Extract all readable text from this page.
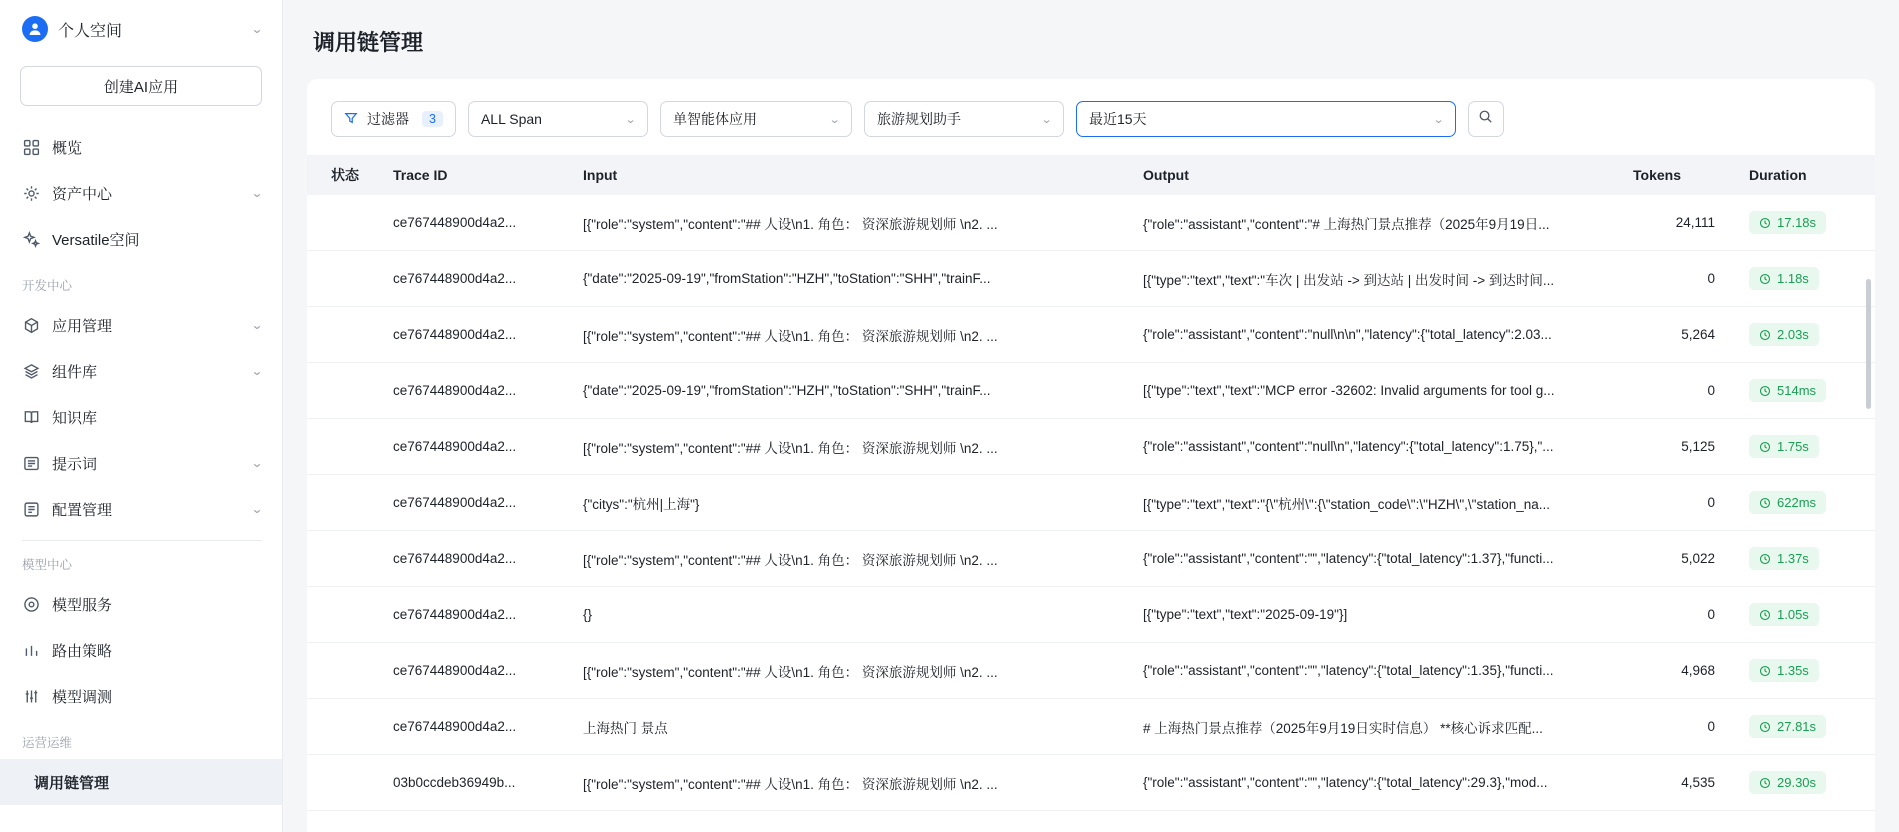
个人空间	⌄
创建AI应用
概览
资产中心	⌄
Versatile空间
开发中心
应用管理	⌄
组件库	⌄
知识库
提示词	⌄
配置管理	⌄
模型中心
模型服务
路由策略
模型调测
运营运维
调用链管理
调用链管理
过滤器	3	ALL Span	⌄	单智能体应用	⌄	旅游规划助手	⌄	最近15天	⌄
状态	Trace ID	Input	Output	Tokens	Duration
ce767448900d4a2...	[{"role":"system","content":"## 人设\n1. 角色： 资深旅游规划师 \n2. ...	{"role":"assistant","content":"# 上海热门景点推荐（2025年9月19日...	24,111	17.18s
ce767448900d4a2...	{"date":"2025-09-19","fromStation":"HZH","toStation":"SHH","trainF...	[{"type":"text","text":"车次 | 出发站 -> 到达站 | 出发时间 -> 到达时间...	0	1.18s
ce767448900d4a2...	[{"role":"system","content":"## 人设\n1. 角色： 资深旅游规划师 \n2. ...	{"role":"assistant","content":"null\n\n","latency":{"total_latency":2.03...	5,264	2.03s
ce767448900d4a2...	{"date":"2025-09-19","fromStation":"HZH","toStation":"SHH","trainF...	[{"type":"text","text":"MCP error -32602: Invalid arguments for tool g...	0	514ms
ce767448900d4a2...	[{"role":"system","content":"## 人设\n1. 角色： 资深旅游规划师 \n2. ...	{"role":"assistant","content":"null\n","latency":{"total_latency":1.75},"...	5,125	1.75s
ce767448900d4a2...	{"citys":"杭州|上海"}	[{"type":"text","text":"{\"杭州\":{\"station_code\":\"HZH\",\"station_na...	0	622ms
ce767448900d4a2...	[{"role":"system","content":"## 人设\n1. 角色： 资深旅游规划师 \n2. ...	{"role":"assistant","content":"","latency":{"total_latency":1.37},"functi...	5,022	1.37s
ce767448900d4a2...	{}	[{"type":"text","text":"2025-09-19"}]	0	1.05s
ce767448900d4a2...	[{"role":"system","content":"## 人设\n1. 角色： 资深旅游规划师 \n2. ...	{"role":"assistant","content":"","latency":{"total_latency":1.35},"functi...	4,968	1.35s
ce767448900d4a2...	上海热门 景点	# 上海热门景点推荐（2025年9月19日实时信息） **核心诉求匹配...	0	27.81s
03b0ccdeb36949b...	[{"role":"system","content":"## 人设\n1. 角色： 资深旅游规划师 \n2. ...	{"role":"assistant","content":"","latency":{"total_latency":29.3},"mod...	4,535	29.30s
